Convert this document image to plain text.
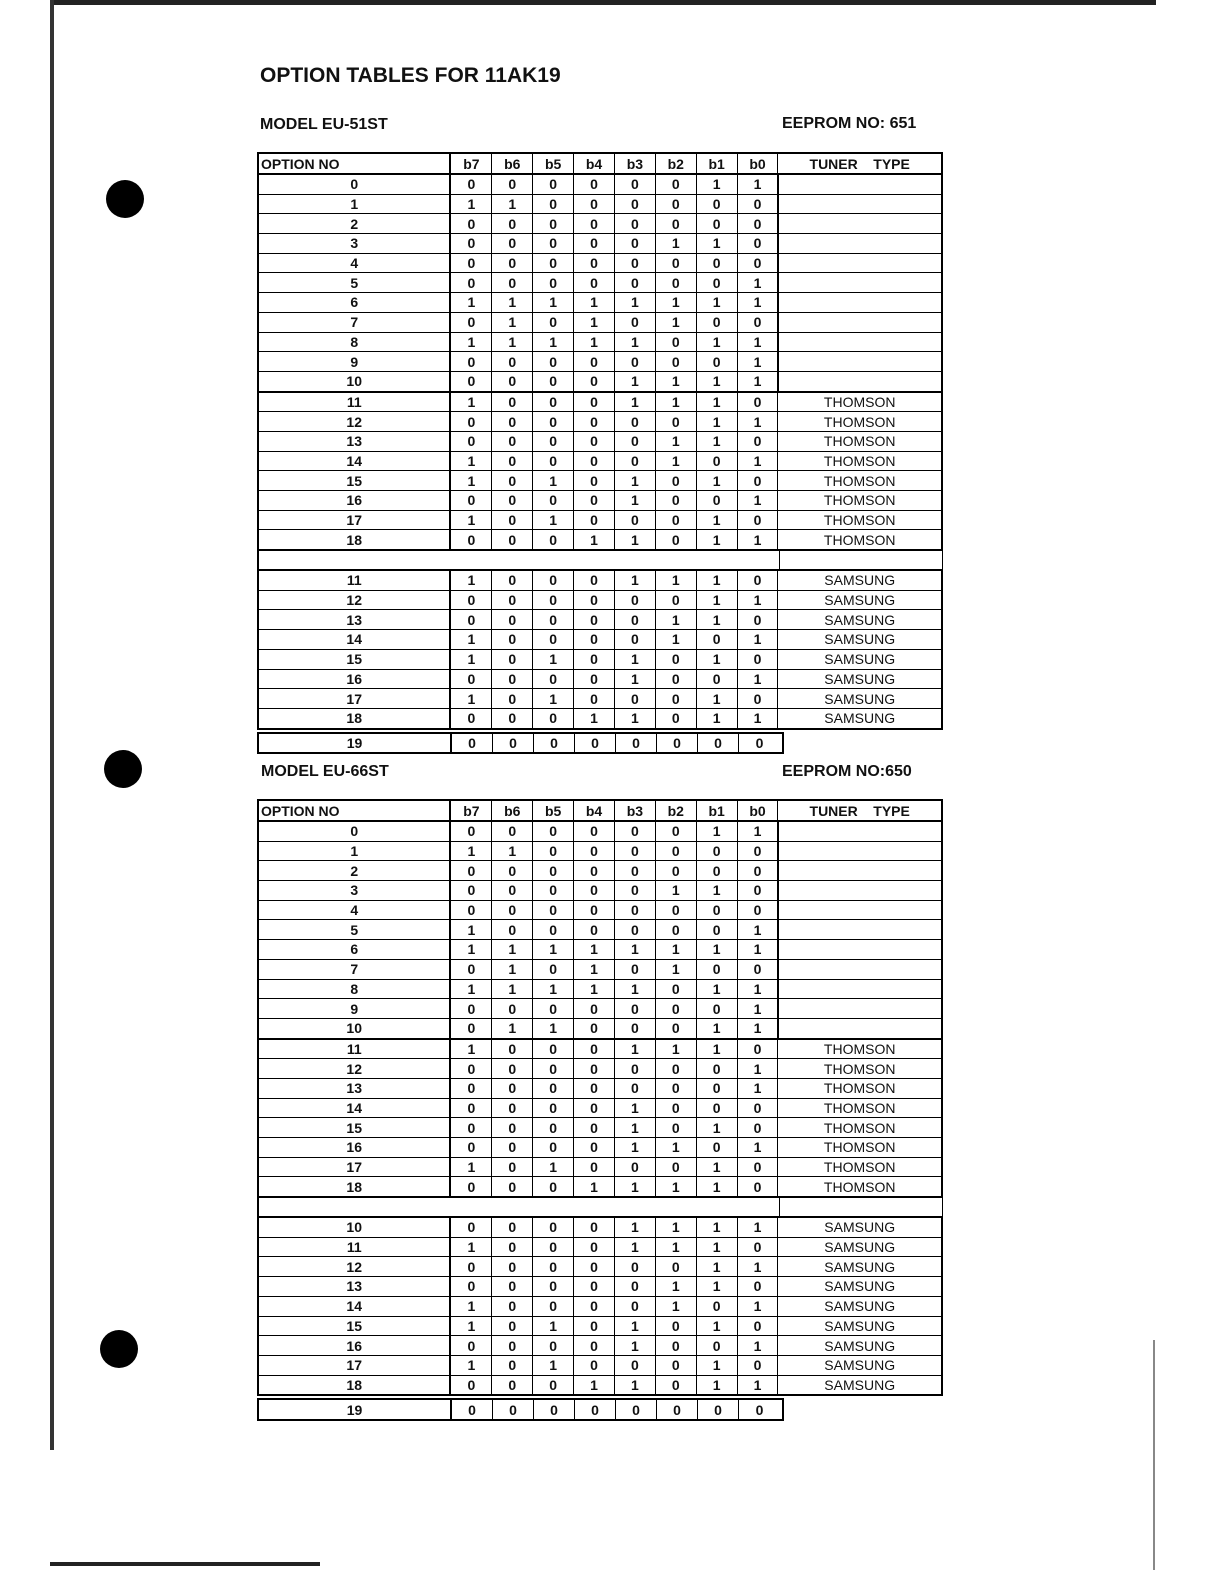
OPTION TABLES FOR 11AK19
MODEL EU-51ST	EEPROM NO: 651
OPTION NO	b7	b6	b5	b4	b3	b2	b1	b0	TUNER    TYPE
0	0	0	0	0	0	0	1	1
1	1	1	0	0	0	0	0	0
2	0	0	0	0	0	0	0	0
3	0	0	0	0	0	1	1	0
4	0	0	0	0	0	0	0	0
5	0	0	0	0	0	0	0	1
6	1	1	1	1	1	1	1	1
7	0	1	0	1	0	1	0	0
8	1	1	1	1	1	0	1	1
9	0	0	0	0	0	0	0	1
10	0	0	0	0	1	1	1	1
11	1	0	0	0	1	1	1	0	THOMSON
12	0	0	0	0	0	0	1	1	THOMSON
13	0	0	0	0	0	1	1	0	THOMSON
14	1	0	0	0	0	1	0	1	THOMSON
15	1	0	1	0	1	0	1	0	THOMSON
16	0	0	0	0	1	0	0	1	THOMSON
17	1	0	1	0	0	0	1	0	THOMSON
18	0	0	0	1	1	0	1	1	THOMSON
11	1	0	0	0	1	1	1	0	SAMSUNG
12	0	0	0	0	0	0	1	1	SAMSUNG
13	0	0	0	0	0	1	1	0	SAMSUNG
14	1	0	0	0	0	1	0	1	SAMSUNG
15	1	0	1	0	1	0	1	0	SAMSUNG
16	0	0	0	0	1	0	0	1	SAMSUNG
17	1	0	1	0	0	0	1	0	SAMSUNG
18	0	0	0	1	1	0	1	1	SAMSUNG
19	0	0	0	0	0	0	0	0
MODEL EU-66ST	EEPROM NO:650
OPTION NO	b7	b6	b5	b4	b3	b2	b1	b0	TUNER    TYPE
0	0	0	0	0	0	0	1	1
1	1	1	0	0	0	0	0	0
2	0	0	0	0	0	0	0	0
3	0	0	0	0	0	1	1	0
4	0	0	0	0	0	0	0	0
5	1	0	0	0	0	0	0	1
6	1	1	1	1	1	1	1	1
7	0	1	0	1	0	1	0	0
8	1	1	1	1	1	0	1	1
9	0	0	0	0	0	0	0	1
10	0	1	1	0	0	0	1	1
11	1	0	0	0	1	1	1	0	THOMSON
12	0	0	0	0	0	0	0	1	THOMSON
13	0	0	0	0	0	0	0	1	THOMSON
14	0	0	0	0	1	0	0	0	THOMSON
15	0	0	0	0	1	0	1	0	THOMSON
16	0	0	0	0	1	1	0	1	THOMSON
17	1	0	1	0	0	0	1	0	THOMSON
18	0	0	0	1	1	1	1	0	THOMSON
10	0	0	0	0	1	1	1	1	SAMSUNG
11	1	0	0	0	1	1	1	0	SAMSUNG
12	0	0	0	0	0	0	1	1	SAMSUNG
13	0	0	0	0	0	1	1	0	SAMSUNG
14	1	0	0	0	0	1	0	1	SAMSUNG
15	1	0	1	0	1	0	1	0	SAMSUNG
16	0	0	0	0	1	0	0	1	SAMSUNG
17	1	0	1	0	0	0	1	0	SAMSUNG
18	0	0	0	1	1	0	1	1	SAMSUNG
19	0	0	0	0	0	0	0	0
